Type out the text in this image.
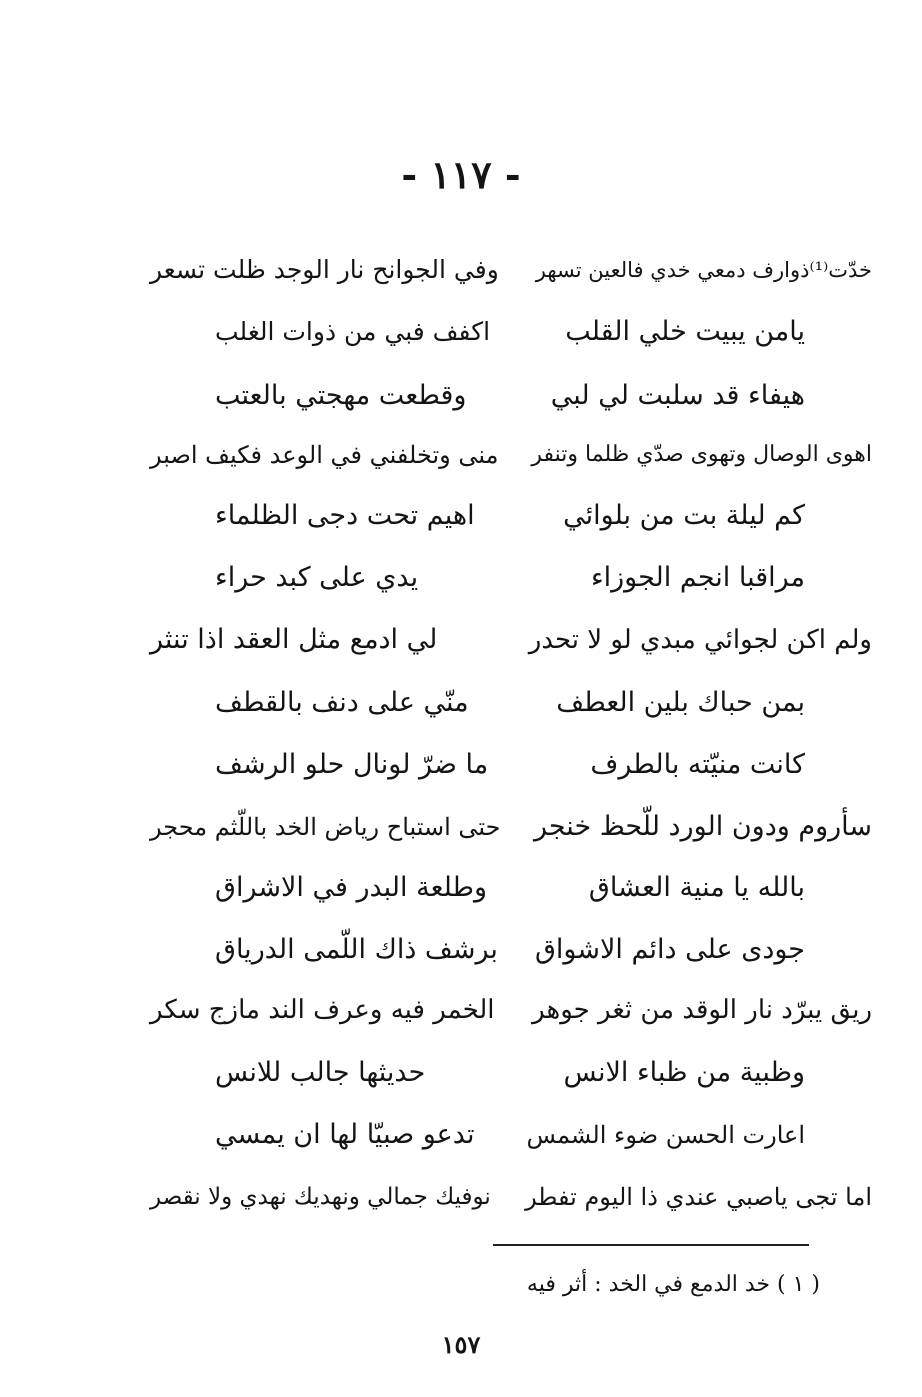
- ١١٧ -
خدّت⁽¹⁾ذوارف دمعي خدي فالعين تسهر
وفي الجوانح نار الوجد ظلت تسعر
يامن يبيت خلي القلب
اكفف فبي من ذوات الغلب
هيفاء قد سلبت لي لبي
وقطعت مهجتي بالعتب
اهوى الوصال وتهوى صدّي ظلما وتنفر
منى وتخلفني في الوعد فكيف اصبر
كم ليلة بت من بلوائي
اهيم تحت دجى الظلماء
مراقبا انجم الجوزاء
يدي على كبد حراء
ولم اكن لجوائي مبدي لو لا تحدر
لي ادمع مثل العقد اذا تنثر
بمن حباك بلين العطف
منّي على دنف بالقطف
كانت منيّته بالطرف
ما ضرّ لونال حلو الرشف
سأروم ودون الورد للّحظ خنجر
حتى استباح رياض الخد باللّثم محجر
بالله يا منية العشاق
وطلعة البدر في الاشراق
جودى على دائم الاشواق
برشف ذاك اللّمى الدرياق
ريق يبرّد نار الوقد من ثغر جوهر
الخمر فيه وعرف الند مازج سكر
وظبية من ظباء الانس
حديثها جالب للانس
اعارت الحسن ضوء الشمس
تدعو صبيّا لها ان يمسي
اما تجى ياصبي عندي ذا اليوم تفطر
نوفيك جمالي ونهديك نهدي ولا نقصر
( ١ ) خد الدمع في الخد : أثر فيه
١٥٧
